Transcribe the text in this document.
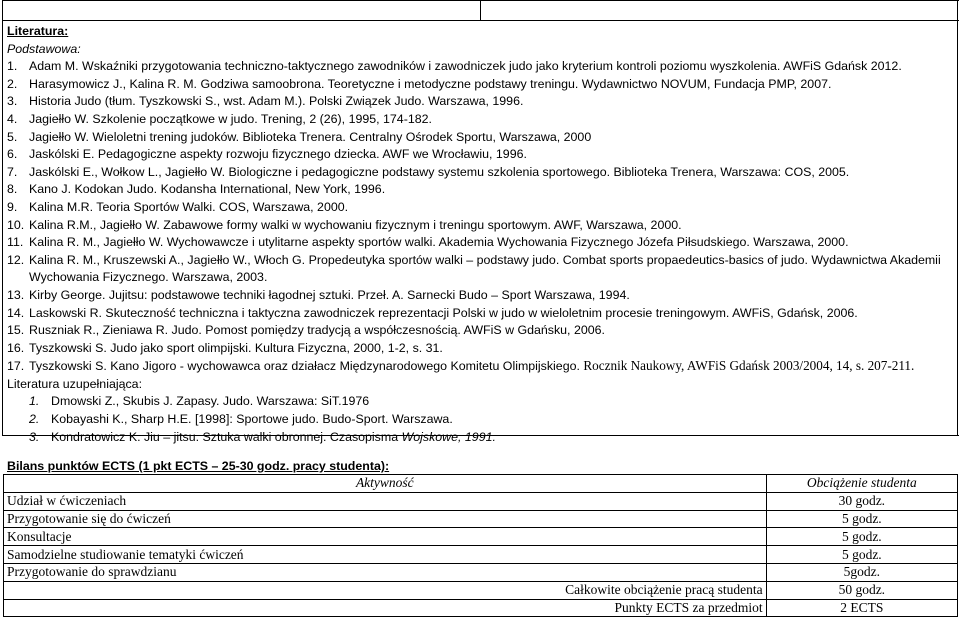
Literatura:
Podstawowa:
1. Adam M. Wskaźniki przygotowania techniczno-taktycznego zawodników i zawodniczek judo jako kryterium kontroli poziomu wyszkolenia. AWFiS Gdańsk 2012.
2. Harasymowicz J., Kalina R. M. Godziwa samoobrona. Teoretyczne i metodyczne podstawy treningu. Wydawnictwo NOVUM, Fundacja PMP, 2007.
3. Historia Judo (tłum. Tyszkowski S., wst. Adam M.). Polski Związek Judo. Warszawa, 1996.
4. Jagiełło W. Szkolenie początkowe w judo. Trening, 2 (26), 1995, 174-182.
5. Jagiełło W. Wieloletni trening judoków. Biblioteka Trenera. Centralny Ośrodek Sportu, Warszawa, 2000
6. Jaskólski E. Pedagogiczne aspekty rozwoju fizycznego dziecka. AWF we Wrocławiu, 1996.
7. Jaskólski E., Wołkow L., Jagiełło W. Biologiczne i pedagogiczne podstawy systemu szkolenia sportowego. Biblioteka Trenera, Warszawa: COS, 2005.
8. Kano J. Kodokan Judo. Kodansha International, New York, 1996.
9. Kalina M.R. Teoria Sportów Walki. COS, Warszawa, 2000.
10. Kalina R.M., Jagiełło W. Zabawowe formy walki w wychowaniu fizycznym i treningu sportowym. AWF, Warszawa, 2000.
11. Kalina R. M., Jagiełło W. Wychowawcze i utylitarne aspekty sportów walki. Akademia Wychowania Fizycznego Józefa Piłsudskiego. Warszawa, 2000.
12. Kalina R. M., Kruszewski A., Jagiełło W., Włoch G. Propedeutyka sportów walki – podstawy judo. Combat sports propaedeutics-basics of judo. Wydawnictwa Akademii Wychowania Fizycznego. Warszawa, 2003.
13. Kirby George. Jujitsu: podstawowe techniki łagodnej sztuki. Przeł. A. Sarnecki Budo – Sport Warszawa, 1994.
14. Laskowski R. Skuteczność techniczna i taktyczna zawodniczek reprezentacji Polski w judo w wieloletnim procesie treningowym. AWFiS, Gdańsk, 2006.
15. Ruszniak R., Zieniawa R. Judo. Pomost pomiędzy tradycją a współczesnością. AWFiS w Gdańsku, 2006.
16. Tyszkowski S. Judo jako sport olimpijski. Kultura Fizyczna, 2000, 1-2, s. 31.
17. Tyszkowski S. Kano Jigoro - wychowawca oraz działacz Międzynarodowego Komitetu Olimpijskiego. Rocznik Naukowy, AWFiS Gdańsk 2003/2004, 14, s. 207-211.
Literatura uzupełniająca:
1. Dmowski Z., Skubis J. Zapasy. Judo. Warszawa: SiT.1976
2. Kobayashi K., Sharp H.E. [1998]: Sportowe judo. Budo-Sport. Warszawa.
3. Kondratowicz K. Jiu – jitsu. Sztuka walki obronnej. Czasopisma Wojskowe, 1991.
Bilans punktów ECTS (1 pkt ECTS – 25-30 godz. pracy studenta):
Aktywność	Obciążenie studenta
Udział w ćwiczeniach	30 godz.
Przygotowanie się do ćwiczeń	5 godz.
Konsultacje	5 godz.
Samodzielne studiowanie tematyki ćwiczeń	5 godz.
Przygotowanie do sprawdzianu	5godz.
Całkowite obciążenie pracą studenta	50 godz.
Punkty ECTS za przedmiot	2 ECTS
